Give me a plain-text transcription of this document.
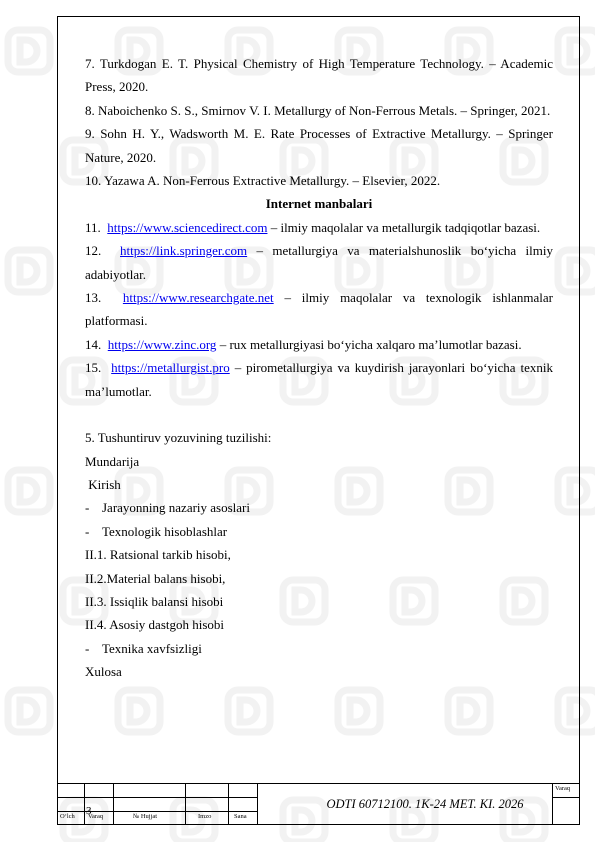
7. Turkdogan E. T. Physical Chemistry of High Temperature Technology. – Academic Press, 2020.

8. Naboichenko S. S., Smirnov V. I. Metallurgy of Non-Ferrous Metals. – Springer, 2021.

9. Sohn H. Y., Wadsworth M. E. Rate Processes of Extractive Metallurgy. – Springer Nature, 2020.

10. Yazawa A. Non-Ferrous Extractive Metallurgy. – Elsevier, 2022.

Internet manbalari

11. https://www.sciencedirect.com – ilmiy maqolalar va metallurgik tadqiqotlar bazasi.

12. https://link.springer.com – metallurgiya va materialshunoslik bo‘yicha ilmiy adabiyotlar.

13. https://www.researchgate.net – ilmiy maqolalar va texnologik ishlanmalar platformasi.

14. https://www.zinc.org – rux metallurgiyasi bo‘yicha xalqaro ma’lumotlar bazasi.

15. https://metallurgist.pro – pirometallurgiya va kuydirish jarayonlari bo‘yicha texnik ma’lumotlar.

5. Tushuntiruv yozuvining tuzilishi:

Mundarija

Kirish

- Jarayonning nazariy asoslari

- Texnologik hisoblashlar

II.1. Ratsional tarkib hisobi,

II.2.Material balans hisobi,

II.3. Issiqlik balansi hisobi

II.4. Asosiy dastgoh hisobi

- Texnika xavfsizligi

Xulosa

3
O‘lch Varaq	№ Hujjat	Imzo	Sana
ODTI 60712100. 1K-24 MET. KI. 2026
Varaq
